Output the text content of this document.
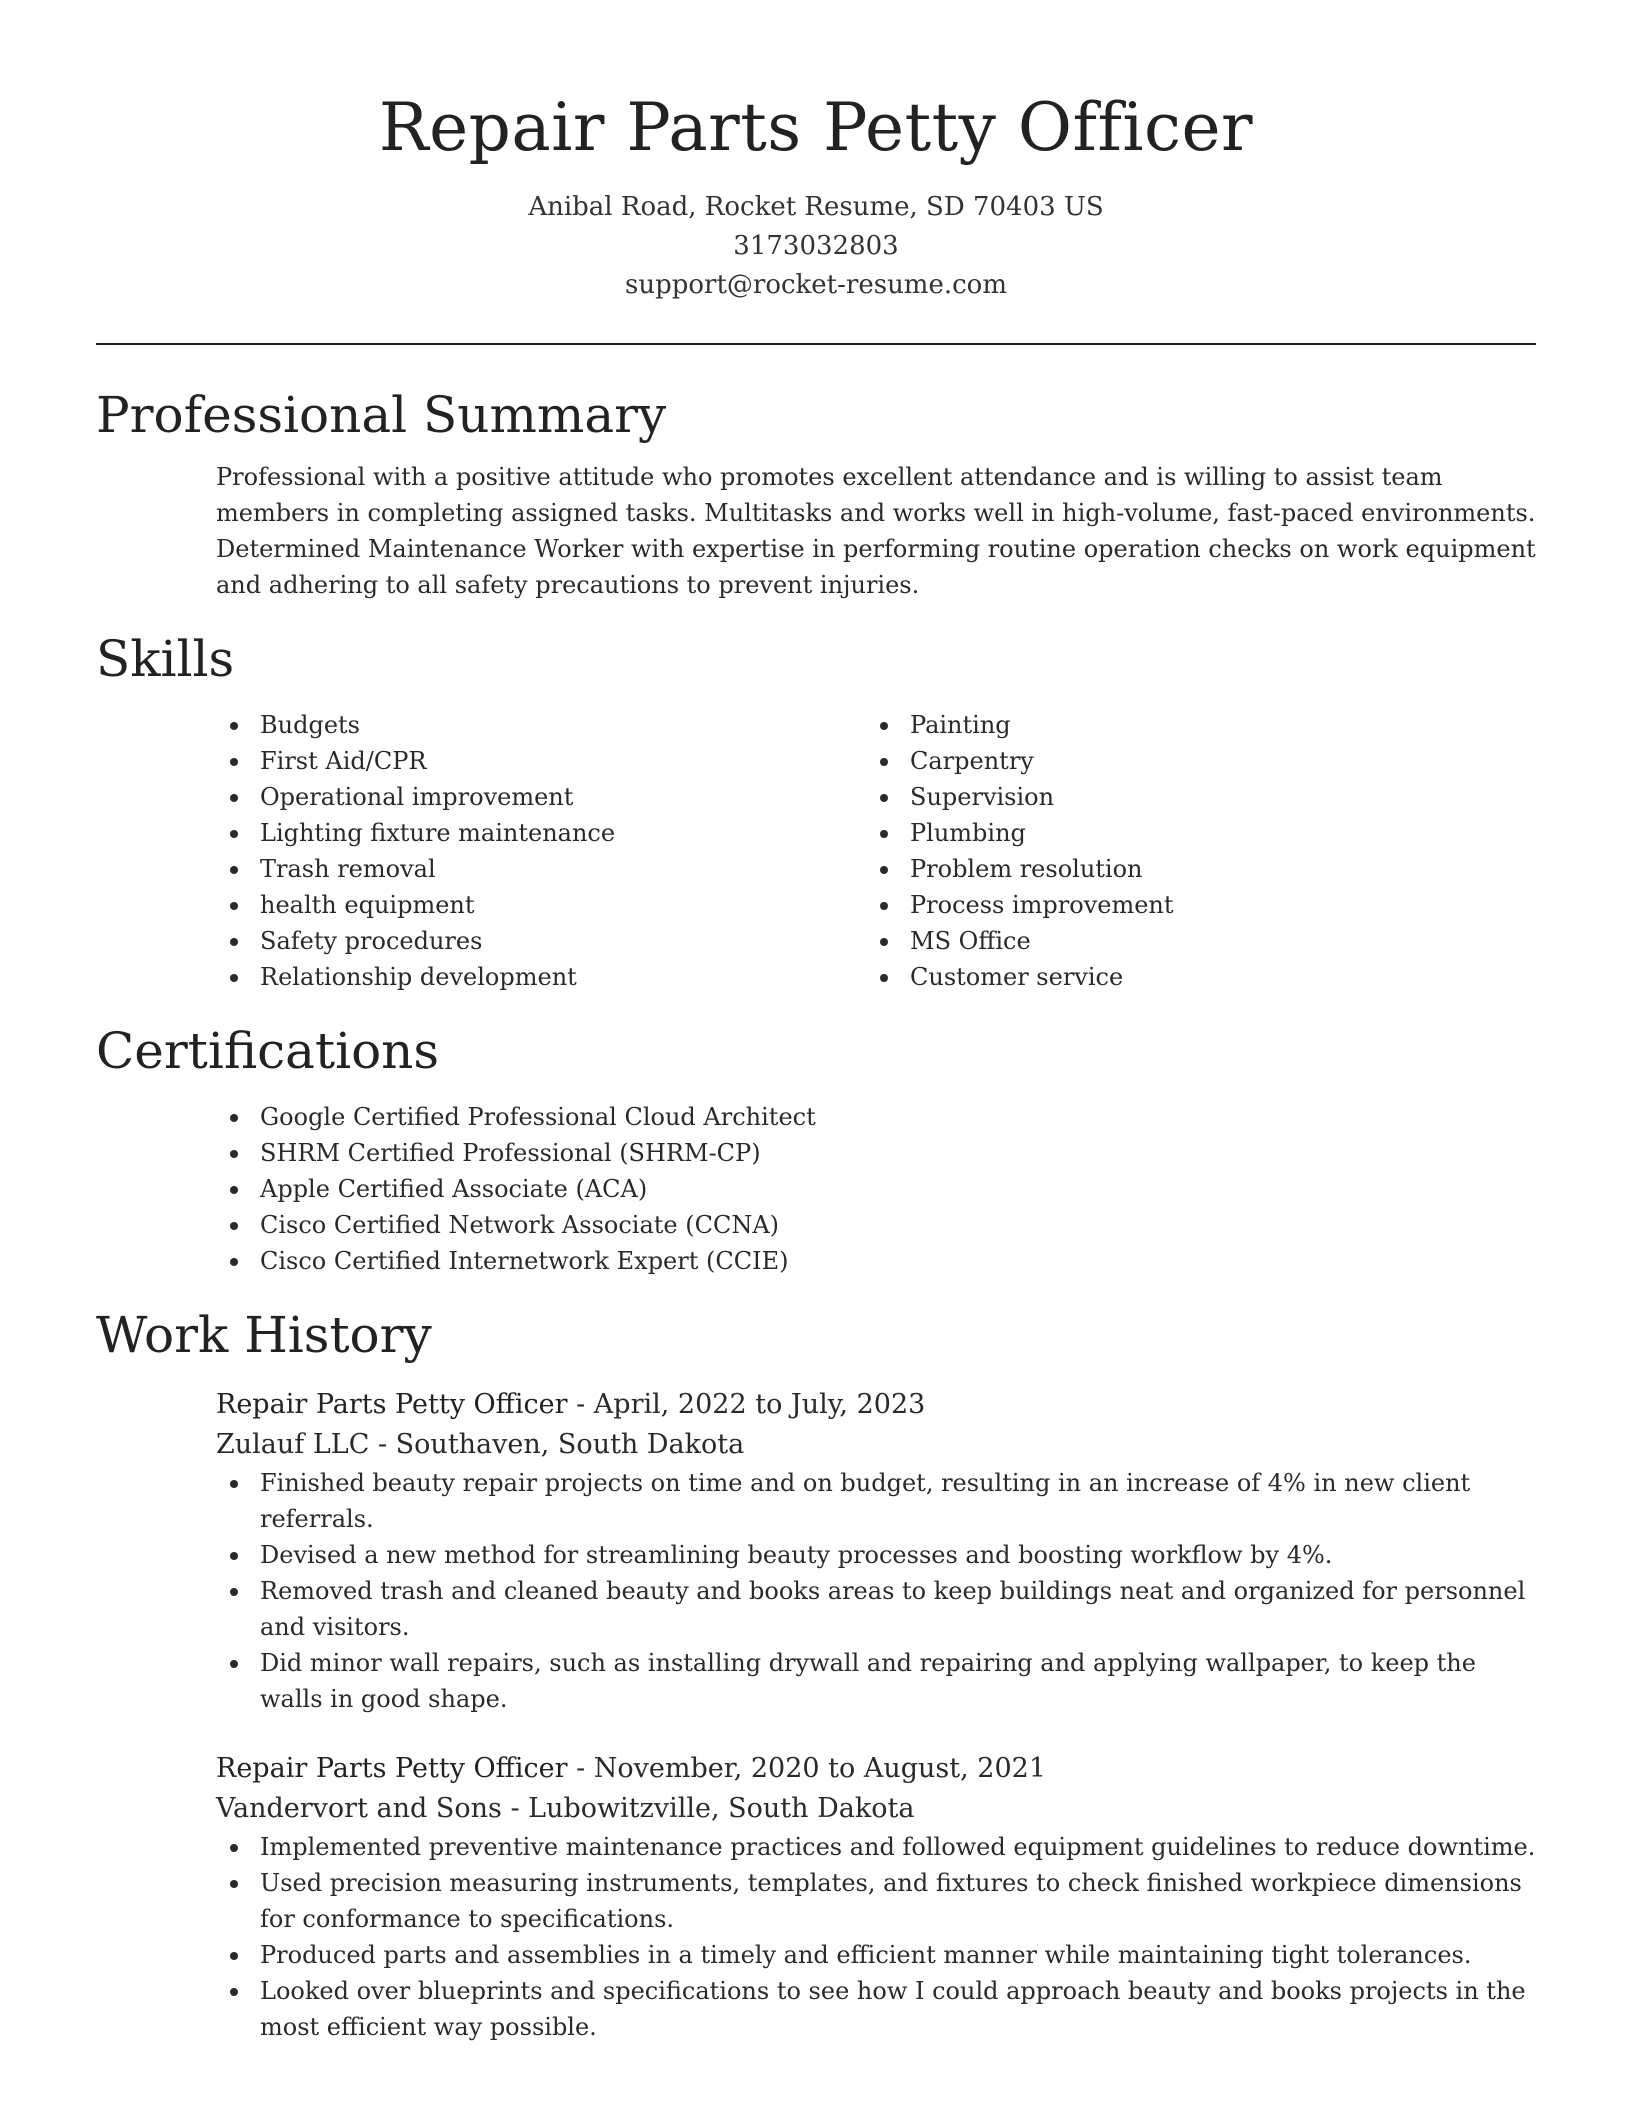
Repair Parts Petty Officer
Anibal Road, Rocket Resume, SD 70403 US
3173032803
support@rocket-resume.com
Professional Summary
Professional with a positive attitude who promotes excellent attendance and is willing to assist team members in completing assigned tasks. Multitasks and works well in high-volume, fast-paced environments. Determined Maintenance Worker with expertise in performing routine operation checks on work equipment and adhering to all safety precautions to prevent injuries.
Skills
Budgets
First Aid/CPR
Operational improvement
Lighting fixture maintenance
Trash removal
health equipment
Safety procedures
Relationship development
Painting
Carpentry
Supervision
Plumbing
Problem resolution
Process improvement
MS Office
Customer service
Certifications
Google Certified Professional Cloud Architect
SHRM Certified Professional (SHRM-CP)
Apple Certified Associate (ACA)
Cisco Certified Network Associate (CCNA)
Cisco Certified Internetwork Expert (CCIE)
Work History
Repair Parts Petty Officer - April, 2022 to July, 2023
Zulauf LLC - Southaven, South Dakota
Finished beauty repair projects on time and on budget, resulting in an increase of 4% in new client referrals.
Devised a new method for streamlining beauty processes and boosting workflow by 4%.
Removed trash and cleaned beauty and books areas to keep buildings neat and organized for personnel and visitors.
Did minor wall repairs, such as installing drywall and repairing and applying wallpaper, to keep the walls in good shape.
Repair Parts Petty Officer - November, 2020 to August, 2021
Vandervort and Sons - Lubowitzville, South Dakota
Implemented preventive maintenance practices and followed equipment guidelines to reduce downtime.
Used precision measuring instruments, templates, and fixtures to check finished workpiece dimensions for conformance to specifications.
Produced parts and assemblies in a timely and efficient manner while maintaining tight tolerances.
Looked over blueprints and specifications to see how I could approach beauty and books projects in the most efficient way possible.
